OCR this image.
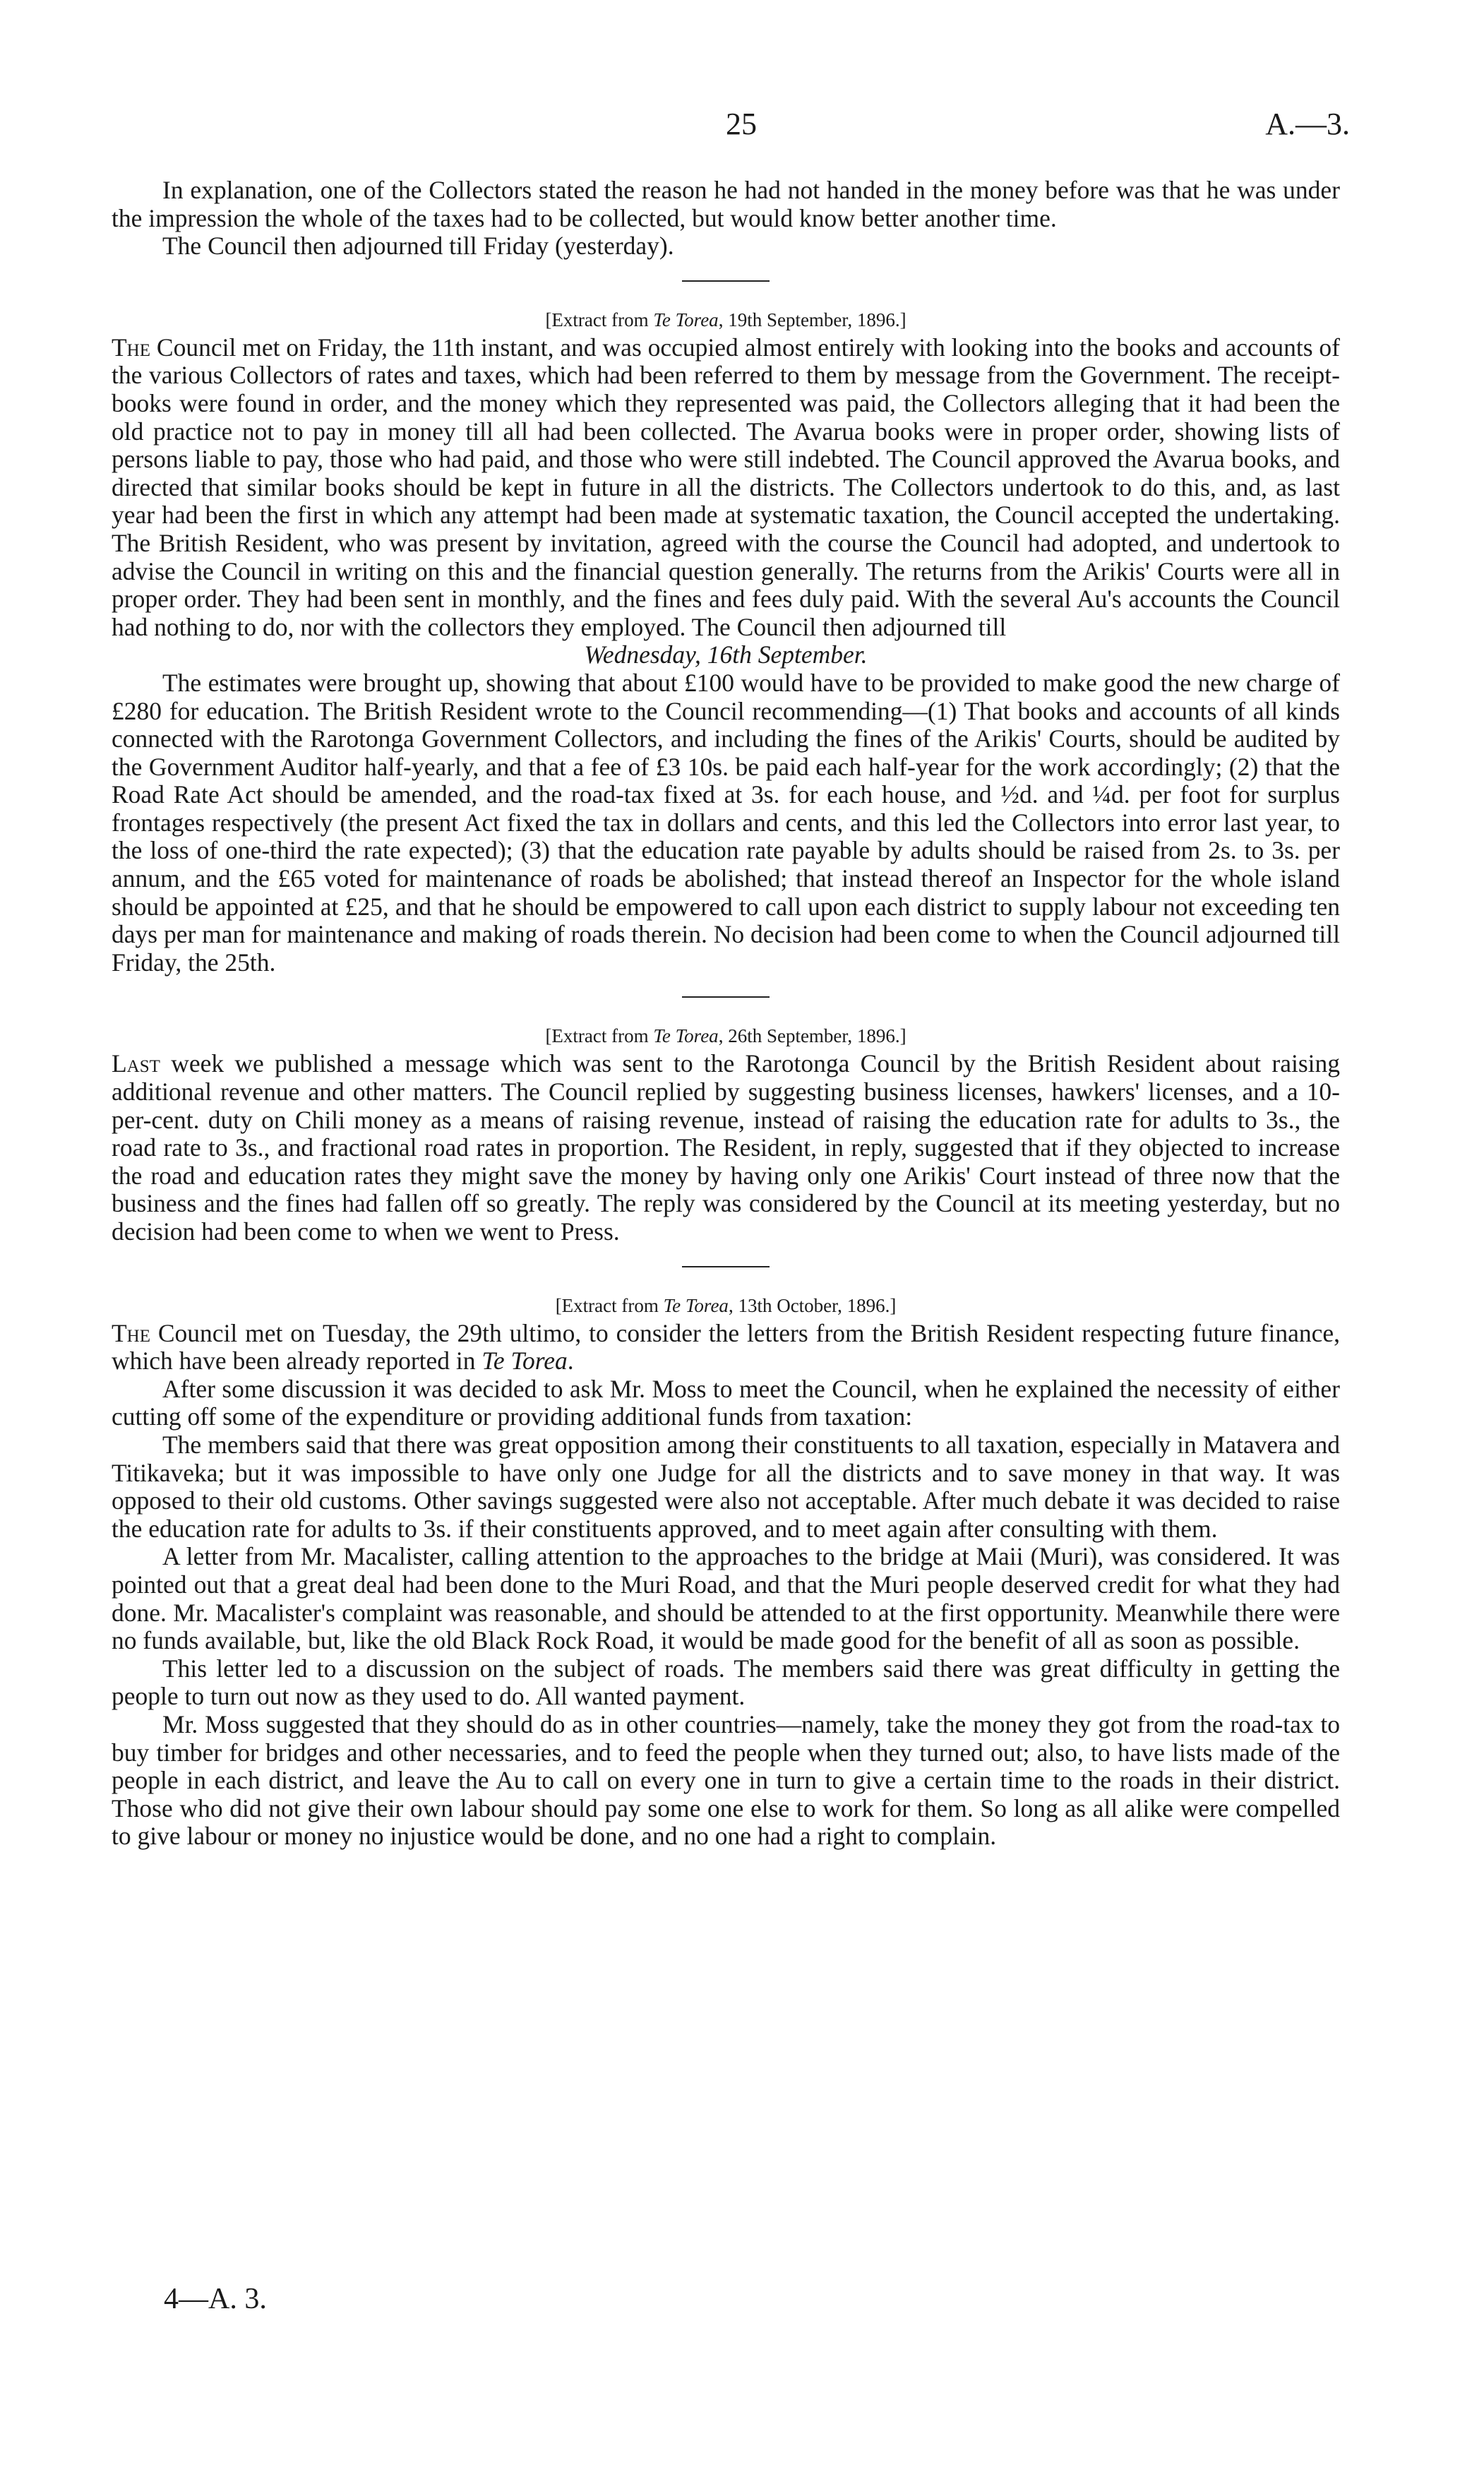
25	A.—3.

In explanation, one of the Collectors stated the reason he had not handed in the money before was that he was under the impression the whole of the taxes had to be collected, but would know better another time.

The Council then adjourned till Friday (yesterday).

[Extract from Te Torea, 19th September, 1896.]

The Council met on Friday, the 11th instant, and was occupied almost entirely with looking into the books and accounts of the various Collectors of rates and taxes, which had been referred to them by message from the Government. The receipt-books were found in order, and the money which they represented was paid, the Collectors alleging that it had been the old practice not to pay in money till all had been collected. The Avarua books were in proper order, showing lists of persons liable to pay, those who had paid, and those who were still indebted. The Council approved the Avarua books, and directed that similar books should be kept in future in all the districts. The Collectors undertook to do this, and, as last year had been the first in which any attempt had been made at systematic taxation, the Council accepted the undertaking. The British Resident, who was present by invitation, agreed with the course the Council had adopted, and undertook to advise the Council in writing on this and the financial question generally. The returns from the Arikis' Courts were all in proper order. They had been sent in monthly, and the fines and fees duly paid. With the several Au's accounts the Council had nothing to do, nor with the collectors they employed. The Council then adjourned till

Wednesday, 16th September.

The estimates were brought up, showing that about £100 would have to be provided to make good the new charge of £280 for education. The British Resident wrote to the Council recommending—(1) That books and accounts of all kinds connected with the Rarotonga Government Collectors, and including the fines of the Arikis' Courts, should be audited by the Government Auditor half-yearly, and that a fee of £3 10s. be paid each half-year for the work accordingly; (2) that the Road Rate Act should be amended, and the road-tax fixed at 3s. for each house, and ½d. and ¼d. per foot for surplus frontages respectively (the present Act fixed the tax in dollars and cents, and this led the Collectors into error last year, to the loss of one-third the rate expected); (3) that the education rate payable by adults should be raised from 2s. to 3s. per annum, and the £65 voted for maintenance of roads be abolished; that instead thereof an Inspector for the whole island should be appointed at £25, and that he should be empowered to call upon each district to supply labour not exceeding ten days per man for maintenance and making of roads therein. No decision had been come to when the Council adjourned till Friday, the 25th.

[Extract from Te Torea, 26th September, 1896.]

Last week we published a message which was sent to the Rarotonga Council by the British Resident about raising additional revenue and other matters. The Council replied by suggesting business licenses, hawkers' licenses, and a 10-per-cent. duty on Chili money as a means of raising revenue, instead of raising the education rate for adults to 3s., the road rate to 3s., and fractional road rates in proportion. The Resident, in reply, suggested that if they objected to increase the road and education rates they might save the money by having only one Arikis' Court instead of three now that the business and the fines had fallen off so greatly. The reply was considered by the Council at its meeting yesterday, but no decision had been come to when we went to Press.

[Extract from Te Torea, 13th October, 1896.]

The Council met on Tuesday, the 29th ultimo, to consider the letters from the British Resident respecting future finance, which have been already reported in Te Torea.

After some discussion it was decided to ask Mr. Moss to meet the Council, when he explained the necessity of either cutting off some of the expenditure or providing additional funds from taxation:

The members said that there was great opposition among their constituents to all taxation, especially in Matavera and Titikaveka; but it was impossible to have only one Judge for all the districts and to save money in that way. It was opposed to their old customs. Other savings suggested were also not acceptable. After much debate it was decided to raise the education rate for adults to 3s. if their constituents approved, and to meet again after consulting with them.

A letter from Mr. Macalister, calling attention to the approaches to the bridge at Maii (Muri), was considered. It was pointed out that a great deal had been done to the Muri Road, and that the Muri people deserved credit for what they had done. Mr. Macalister's complaint was reasonable, and should be attended to at the first opportunity. Meanwhile there were no funds available, but, like the old Black Rock Road, it would be made good for the benefit of all as soon as possible.

This letter led to a discussion on the subject of roads. The members said there was great difficulty in getting the people to turn out now as they used to do. All wanted payment.

Mr. Moss suggested that they should do as in other countries—namely, take the money they got from the road-tax to buy timber for bridges and other necessaries, and to feed the people when they turned out; also, to have lists made of the people in each district, and leave the Au to call on every one in turn to give a certain time to the roads in their district. Those who did not give their own labour should pay some one else to work for them. So long as all alike were compelled to give labour or money no injustice would be done, and no one had a right to complain.

4—A. 3.
